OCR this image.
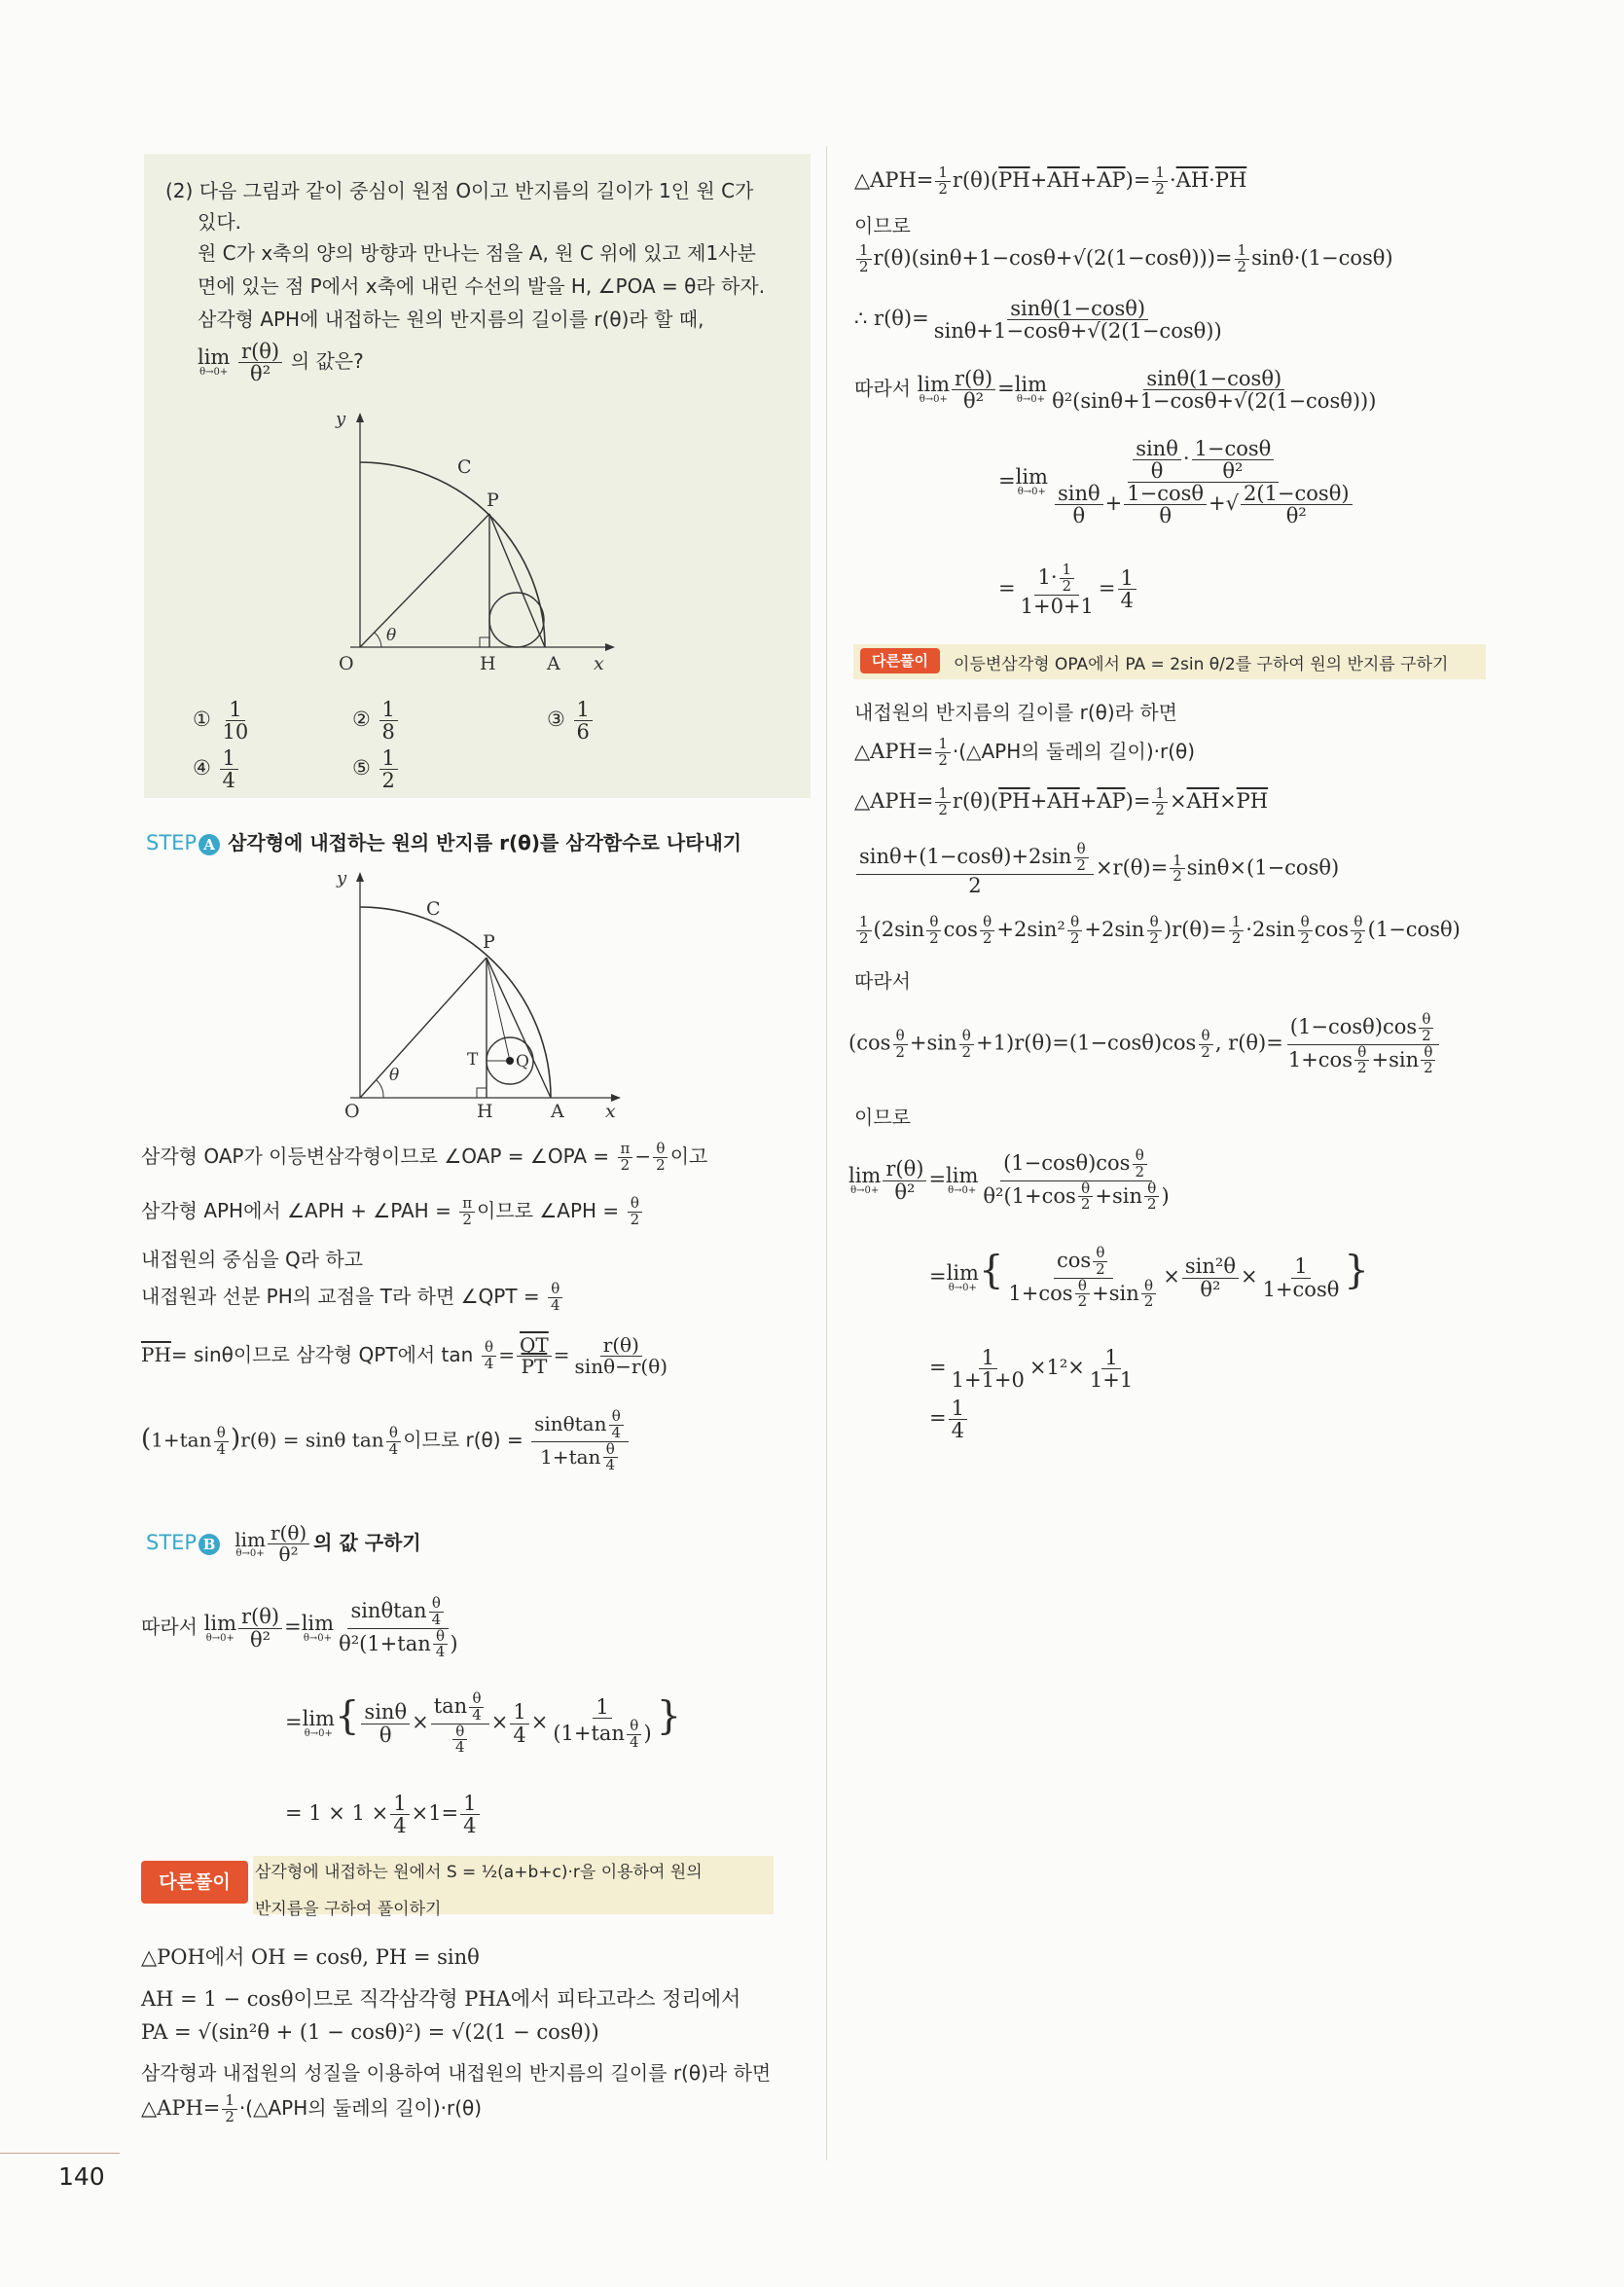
(2) 다음 그림과 같이 중심이 원점 O이고 반지름의 길이가 1인 원 C가
있다.
원 C가 x축의 양의 방향과 만나는 점을 A, 원 C 위에 있고 제1사분
면에 있는 점 P에서 x축에 내린 수선의 발을 H, ∠POA = θ라 하자.
삼각형 APH에 내접하는 원의 반지름의 길이를 r(θ)라 할 때,
lim
θ→0+
$\frac{r(\theta)}{\text{θ²}}$ 의 값은?
y
C
P
θ
O	H	A x
① $\frac{1}{10}$	② $\frac{1}{8}$	③ $\frac{1}{6}$
④ $\frac{1}{4}$	⑤ $\frac{1}{2}$
STEP A 삼각형에 내접하는 원의 반지름 r(θ)를 삼각함수로 나타내기
y
C
P
T Q
θ
O	H	A x
삼각형 OAP가 이등변삼각형이므로 ∠OAP = ∠OPA = $\frac{\pi}{2} - \frac{\theta}{2}$ 이고
삼각형 APH에서 ∠APH + ∠PAH = $\frac{\pi}{2}$ 이므로 ∠APH = $\frac{\theta}{2}$
내접원의 중심을 Q라 하고
내접원과 선분 PH의 교점을 T라 하면 ∠QPT = $\frac{\theta}{4}$
$\overline{PH}= \sin\theta$이므로 삼각형 QPT에서 $\tan \frac{\theta}{4} = \frac{\overline{QT}}{PT} = \frac{r(\theta)}{\sin\theta-r(\theta)}$
$(1+\tan \frac{\theta}{4} )r(\theta) = \sin\theta$ $\tan \frac{\theta}{4}$ 이므로 $r(\theta) = \frac{\sin\theta\tan \frac{\theta}{4}}{1+\tan \frac{\theta}{4}}$
STEP B lim
$\theta\to 0+ \frac{r(\theta)}{\text{θ²}}$ 의 값 구하기
따라서 lim
$\theta\to 0+ \frac{r(\theta)}{\text{θ²}} = \lim$
$\theta\to 0+ \frac{\sin\theta\tan \frac{\theta}{4}}{\theta^2(1+\tan \frac{\theta}{4} )}$
= lim
θ→0+ { $\frac{\sin\theta}{\theta} \times \frac{\tan \frac{\theta}{4}}{\frac{\theta}{4}} \times \frac{1}{4} \times \frac{1}{(1+\tan \frac{\theta}{4} )}$ }
= $1 \times 1 \times \frac{1}{4} \times 1= \frac{1}{4}$
다른풀이	삼각형에 내접하는 원에서 S = ½(a+b+c)·r을 이용하여 원의
반지름을 구하여 풀이하기
△POH에서 OH = cosθ, PH = sinθ
AH = 1 − cosθ이므로 직각삼각형 PHA에서 피타고라스 정리에서
PA = √(sin²θ + (1 − cosθ)²) = √(2(1 − cosθ))
삼각형과 내접원의 성질을 이용하여 내접원의 반지름의 길이를 r(θ)라 하면
△APH= $\frac{1}{2}$ ·(△APH의 둘레의 길이)·r(θ)
△APH= $\frac{1}{2} r(\theta)(\overline{PH}+\overline{AH}+\overline{AP})= \frac{1}{2} \cdot\overline{AH}\cdot\overline{PH}$
이므로
$\frac{1}{2} r(\theta)(\sin\theta+1-\cos\theta+√(2(1-\cos\theta)))= \frac{1}{2} \sin\theta\cdot(1-\cos\theta)$
∴ $r(\theta)= \frac{\sin\theta(1-\cos\theta)}{\sin\theta+1-\cos\theta+√(2(1-\cos\theta))}$
따라서 lim
$\theta\to 0+ \frac{r(\theta)}{\text{θ²}} = \lim$
$\theta\to 0+ \frac{\sin\theta(1-\cos\theta)}{\text{θ²(sinθ+1−cosθ+√(2(1−cosθ)))}}$
= lim
$\theta\to 0+ \frac{\frac{\sin\theta}{\theta} \cdot \frac{1-\cos\theta}{\text{θ²}}}{\frac{\sin\theta}{\theta} + \frac{1-\cos\theta}{\theta} +√ \frac{2(1-\cos\theta)}{\text{θ²}}}$
= $\frac{1\cdot \frac{1}{2}}{1+0+1} = \frac{1}{4}$
다른풀이	이등변삼각형 OPA에서 PA = 2sin θ/2를 구하여 원의 반지름 구하기
내접원의 반지름의 길이를 r(θ)라 하면
△APH= $\frac{1}{2}$ ·(△APH의 둘레의 길이)·r(θ)
△APH= $\frac{1}{2} r(\theta)(\overline{PH}+\overline{AH}+\overline{AP})= \frac{1}{2} \times\overline{AH}\times\overline{PH}$
$\frac{\sin\theta+(1-\cos\theta)+2\sin \frac{\theta}{2}}{2} \times r(\theta)= \frac{1}{2} \sin\theta\times(1-\cos\theta)$
$\frac{1}{2} (2\sin \frac{\theta}{2}$ $\cos \frac{\theta}{2} +2\sin^2 \frac{\theta}{2} +2\sin \frac{\theta}{2} )r(\theta)= \frac{1}{2} \cdot 2\sin \frac{\theta}{2}$ $\cos \frac{\theta}{2} (1-\cos\theta)$
따라서
$(\cos \frac{\theta}{2} +\sin \frac{\theta}{2} +1)r(\theta)=(1-\cos\theta)\cos \frac{\theta}{2}$ , $r(\theta)= \frac{(1-\cos\theta)\cos \frac{\theta}{2}}{1+\cos \frac{\theta}{2} +\sin \frac{\theta}{2}}$
이므로
lim
$\theta\to 0+ \frac{r(\theta)}{\text{θ²}} = \lim$
$\theta\to 0+ \frac{(1-\cos\theta)\cos \frac{\theta}{2}}{\theta^2(1+\cos \frac{\theta}{2} +\sin \frac{\theta}{2} )}$
= lim
θ→0+ { $\frac{\cos \frac{\theta}{2}}{1+\cos \frac{\theta}{2} +\sin \frac{\theta}{2}} \times \frac{\text{sin²θ}}{\text{θ²}} \times \frac{1}{1+\cos\theta}$ }
= $\frac{1}{1+1+0} \times 1^2\times \frac{1}{1+1}$
= $\frac{1}{4}$
140
